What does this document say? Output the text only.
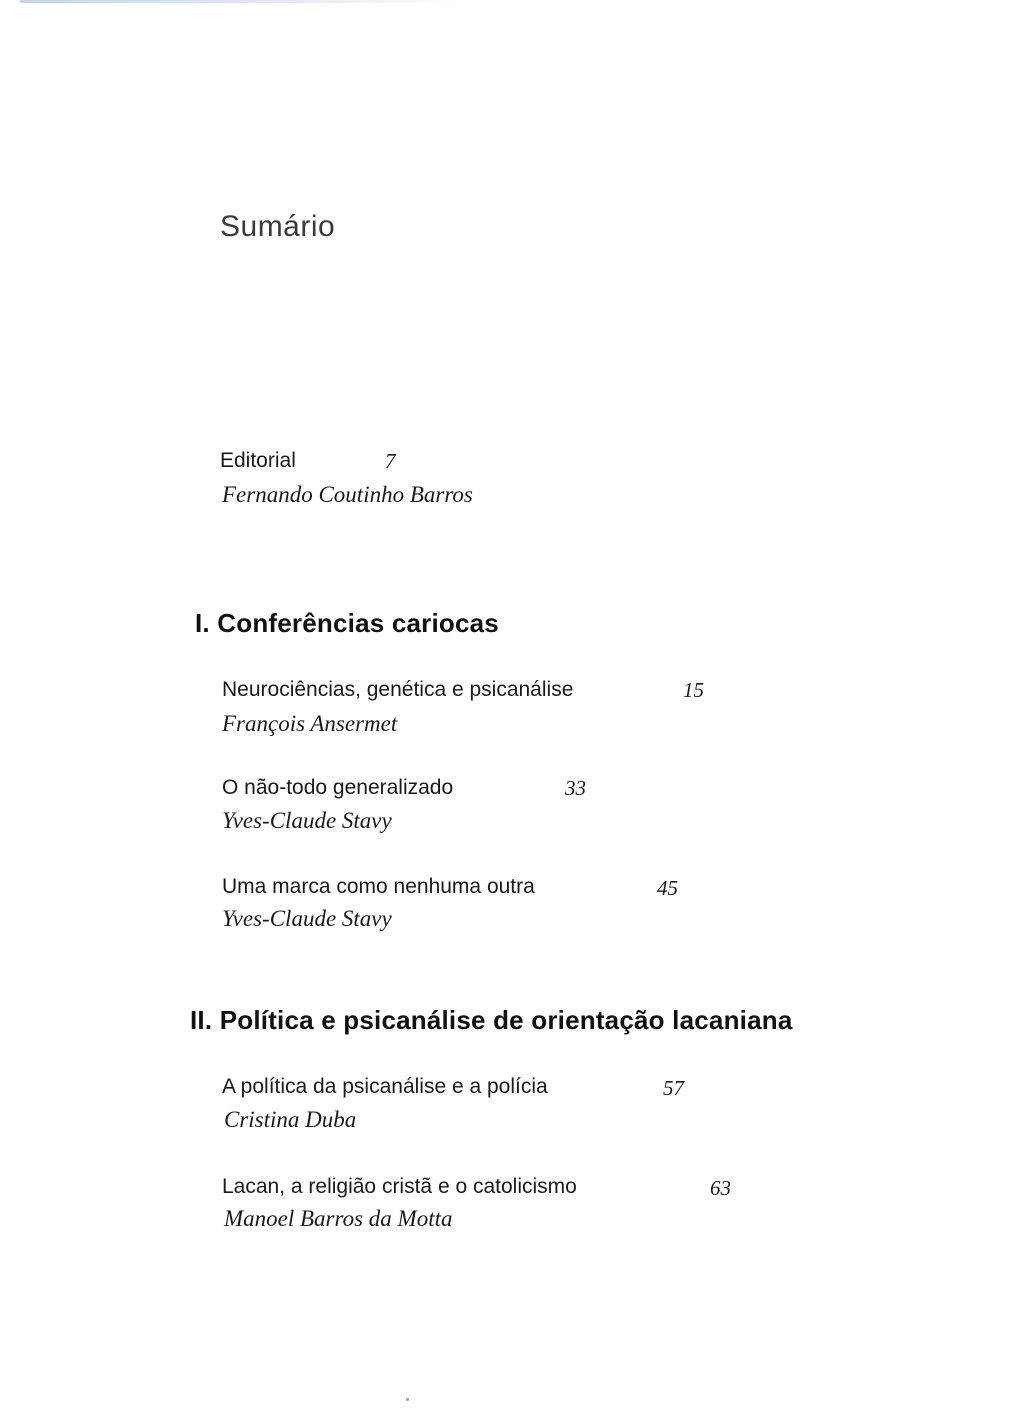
Sumário
Editorial	7
Fernando Coutinho Barros
I. Conferências cariocas
Neurociências, genética e psicanálise	15
François Ansermet
O não-todo generalizado	33
Yves-Claude Stavy
Uma marca como nenhuma outra	45
Yves-Claude Stavy
II. Política e psicanálise de orientação lacaniana
A política da psicanálise e a polícia	57
Cristina Duba
Lacan, a religião cristã e o catolicismo	63
Manoel Barros da Motta
